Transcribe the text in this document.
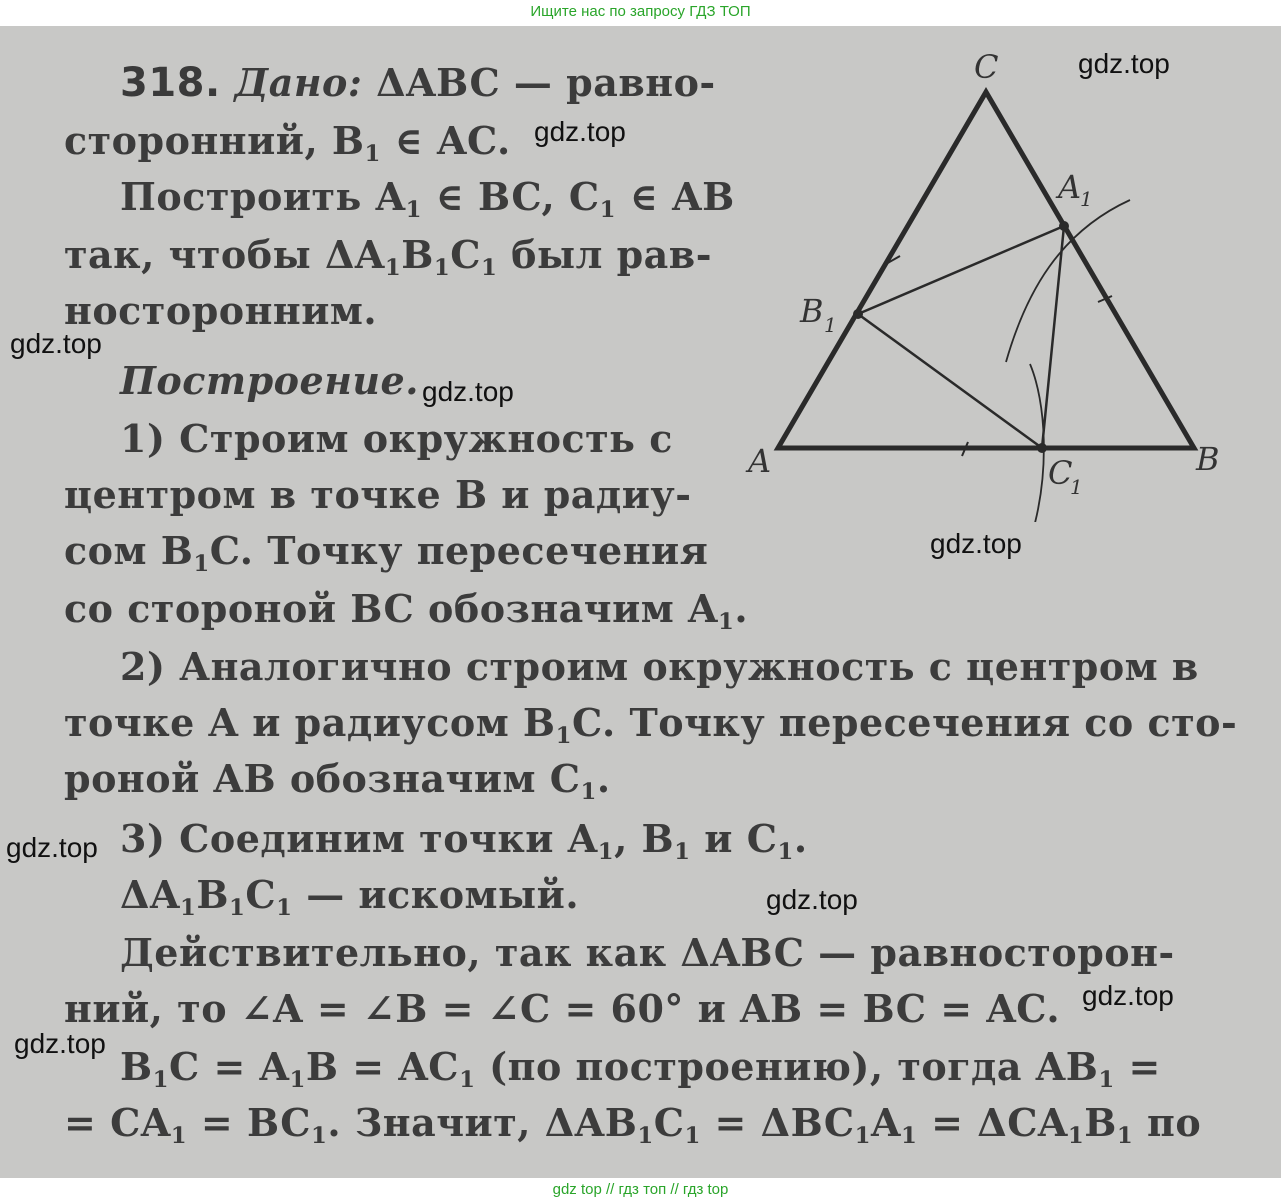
Ищите нас по запросу ГДЗ ТОП
318. Дано: ΔABC — равно-
сторонний, $B_1$ ∈ AC.
Построить $A_1$ ∈ BC, $C_1$ ∈ AB
так, чтобы $\Delta A_1B_1C_1$ был рав-
носторонним.
Построение.
1) Строим окружность с
центром в точке B и радиу-
сом $B_1C$. Точку пересечения
со стороной BC обозначим $A_1$.
2) Аналогично строим окружность с центром в
точке A и радиусом $B_1C$. Точку пересечения со сто-
роной AB обозначим $C_1$.
3) Соединим точки $A_1$, $B_1$ и $C_1$.
$\Delta A_1B_1C_1$ — искомый.
Действительно, так как ΔABC — равносторон-
ний, то ∠A = ∠B = ∠C = 60° и AB = BC = AC.
$B_1C = A_1B = AC_1$ (по построению), тогда $AB_1$ =
= $CA_1 = BC_1$. Значит, $\Delta AB_1C_1 = \Delta BC_1A_1 = \Delta CA_1B_1$ по
gdz.top
gdz.top
gdz.top
gdz.top
gdz.top
gdz.top
gdz.top
gdz.top
gdz.top
A	B
C
A
1
B 1
C
1
gdz top // гдз топ // гдз top
